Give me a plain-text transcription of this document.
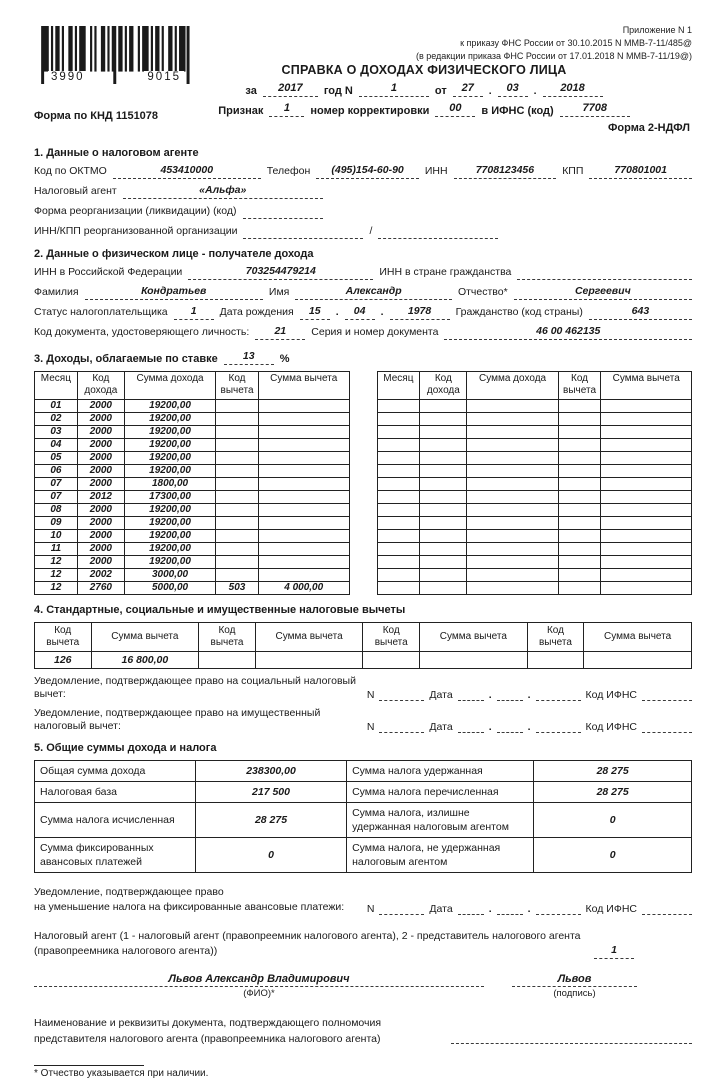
3990	9015
Приложение N 1
к приказу ФНС России от 30.10.2015 N ММВ-7-11/485@
(в редакции приказа ФНС России от 17.01.2018 N ММВ-7-11/19@)
СПРАВКА О ДОХОДАХ ФИЗИЧЕСКОГО ЛИЦА
за	2017	год N	1	от	27	.	03	.	2018
Признак	1	номер корректировки	00	в ИФНС (код)	7708
Форма по КНД 1151078
Форма 2-НДФЛ
1. Данные о налоговом агенте
Код по ОКТМО	453410000	Телефон	(495)154-60-90	ИНН	7708123456	КПП	770801001
Налоговый агент	«Альфа»
Форма реорганизации (ликвидации) (код)
ИНН/КПП реорганизованной организации	/
2. Данные о физическом лице - получателе дохода
ИНН в Российской Федерации	703254479214	ИНН в стране гражданства
Фамилия	Кондратьев	Имя	Александр	Отчество*	Сергеевич
Статус налогоплательщика	1	Дата рождения	15	.	04	.	1978	Гражданство (код страны)	643
Код документа, удостоверяющего личность:	21	Серия и номер документа	46 00 462135
3. Доходы, облагаемые по ставке	13	%
Месяц	Код дохода	Сумма дохода	Код вычета	Сумма вычета
01	2000	19200,00		
02	2000	19200,00		
03	2000	19200,00		
04	2000	19200,00		
05	2000	19200,00		
06	2000	19200,00		
07	2000	1800,00		
07	2012	17300,00		
08	2000	19200,00		
09	2000	19200,00		
10	2000	19200,00		
11	2000	19200,00		
12	2000	19200,00		
12	2002	3000,00		
12	2760	5000,00	503	4 000,00
Месяц	Код дохода	Сумма дохода	Код вычета	Сумма вычета

4. Стандартные, социальные и имущественные налоговые вычеты
Код вычета	Сумма вычета	Код вычета	Сумма вычета	Код вычета	Сумма вычета	Код вычета	Сумма вычета
126	16 800,00						
Уведомление, подтверждающее право на социальный налоговый вычет:	N	Дата	.	.	Код ИФНС
Уведомление, подтверждающее право на имущественный налоговый вычет:	N	Дата	.	.	Код ИФНС
5. Общие суммы дохода и налога
Общая сумма дохода	238300,00	Сумма налога удержанная	28 275
Налоговая база	217 500	Сумма налога перечисленная	28 275
Сумма налога исчисленная	28 275	Сумма налога, излишне удержанная налоговым агентом	0
Сумма фиксированных авансовых платежей	0	Сумма налога, не удержанная налоговым агентом	0
Уведомление, подтверждающее право
на уменьшение налога на фиксированные авансовые платежи:	N	Дата	.	.	Код ИФНС
Налоговый агент (1 - налоговый агент (правопреемник налогового агента), 2 - представитель налогового агента
(правопреемника налогового агента))	1
Львов Александр Владимирович
(ФИО)*
Львов
(подпись)
Наименование и реквизиты документа, подтверждающего полномочия
представителя налогового агента (правопреемника налогового агента)
* Отчество указывается при наличии.
